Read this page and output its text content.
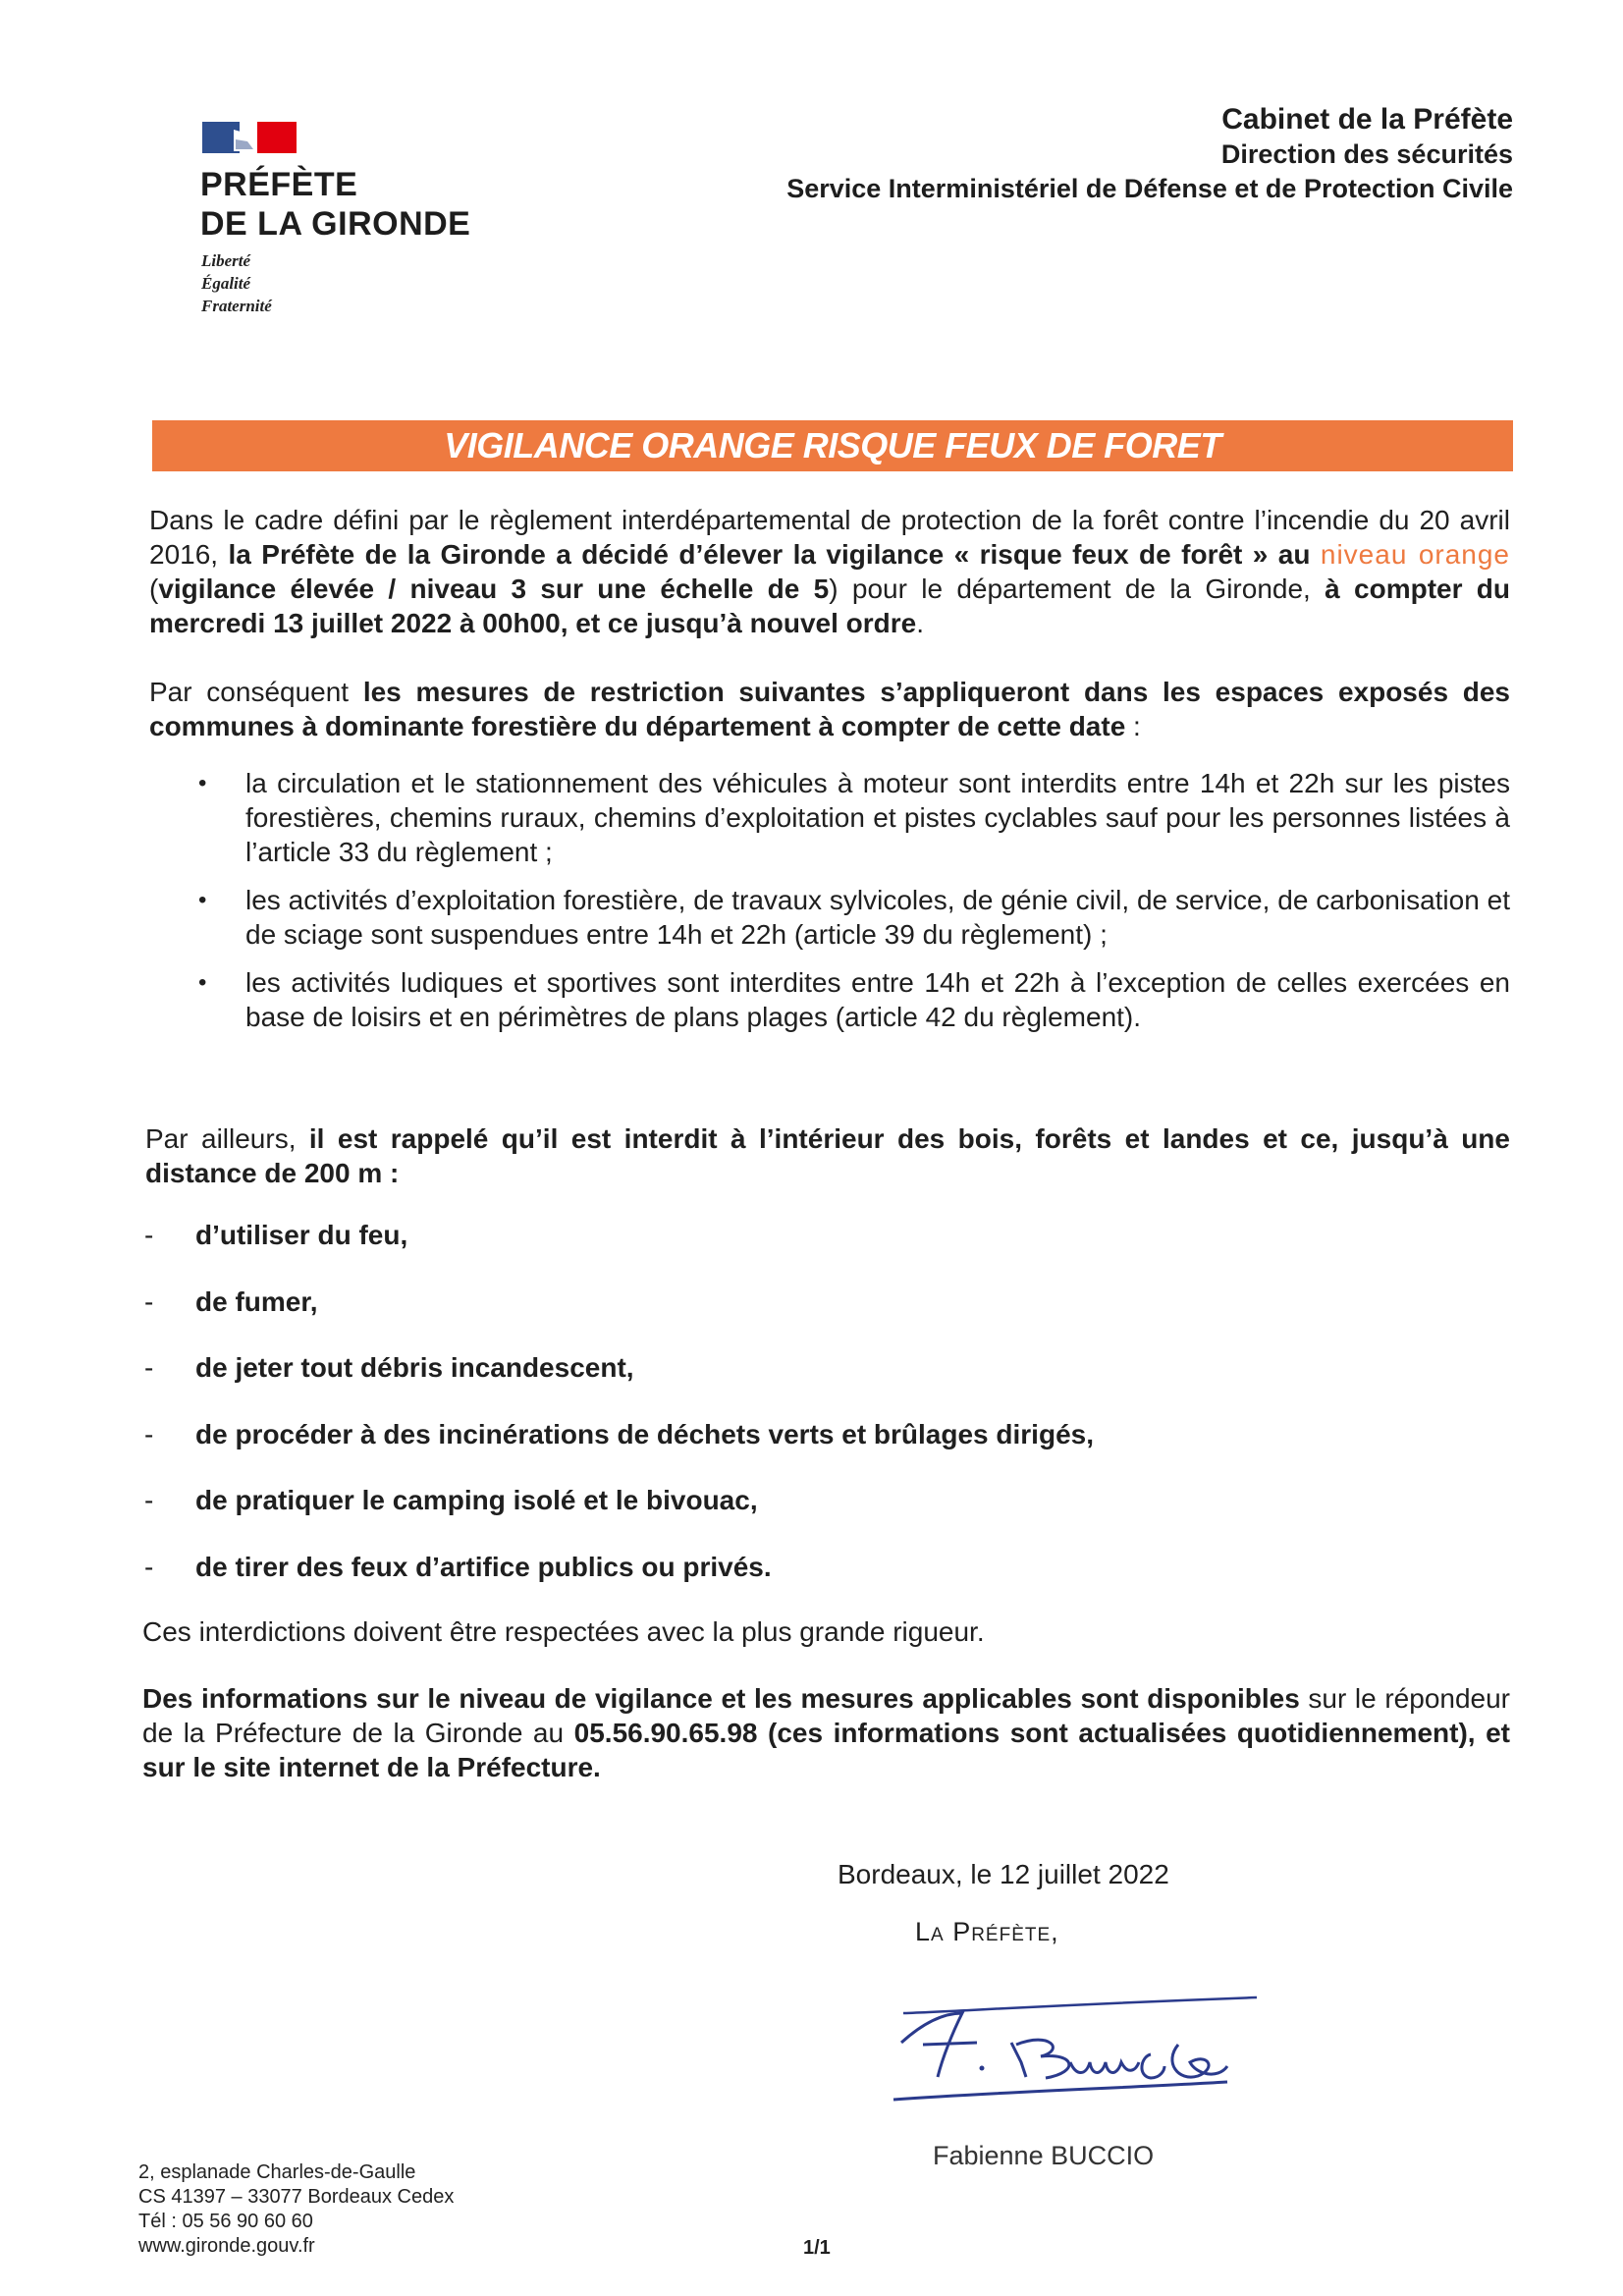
PRÉFÈTE
DE LA GIRONDE
Liberté
Égalité
Fraternité
Cabinet de la Préfète
Direction des sécurités
Service Interministériel de Défense et de Protection Civile
VIGILANCE ORANGE RISQUE FEUX DE FORET
Dans le cadre défini par le règlement interdépartemental de protection de la forêt contre l’incendie du 20 avril 2016, la Préfète de la Gironde a décidé d’élever la vigilance « risque feux de forêt » au niveau orange (vigilance élevée / niveau 3 sur une échelle de 5) pour le département de la Gironde, à compter du mercredi 13 juillet 2022 à 00h00, et ce jusqu’à nouvel ordre.
Par conséquent les mesures de restriction suivantes s’appliqueront dans les espaces exposés des communes à dominante forestière du département à compter de cette date :
• la circulation et le stationnement des véhicules à moteur sont interdits entre 14h et 22h sur les pistes forestières, chemins ruraux, chemins d’exploitation et pistes cyclables sauf pour les personnes listées à l’article 33 du règlement ;
• les activités d’exploitation forestière, de travaux sylvicoles, de génie civil, de service, de carbonisation et de sciage sont suspendues entre 14h et 22h (article 39 du règlement) ;
• les activités ludiques et sportives sont interdites entre 14h et 22h à l’exception de celles exercées en base de loisirs et en périmètres de plans plages (article 42 du règlement).
Par ailleurs, il est rappelé qu’il est interdit à l’intérieur des bois, forêts et landes et ce, jusqu’à une distance de 200 m :
- d’utiliser du feu,
- de fumer,
- de jeter tout débris incandescent,
- de procéder à des incinérations de déchets verts et brûlages dirigés,
- de pratiquer le camping isolé et le bivouac,
- de tirer des feux d’artifice publics ou privés.
Ces interdictions doivent être respectées avec la plus grande rigueur.
Des informations sur le niveau de vigilance et les mesures applicables sont disponibles sur le répondeur de la Préfecture de la Gironde au 05.56.90.65.98 (ces informations sont actualisées quotidiennement), et sur le site internet de la Préfecture.
Bordeaux, le 12 juillet 2022
La Préfète,
Fabienne BUCCIO
2, esplanade Charles-de-Gaulle
CS 41397 – 33077 Bordeaux Cedex
Tél : 05 56 90 60 60
www.gironde.gouv.fr	1/1
